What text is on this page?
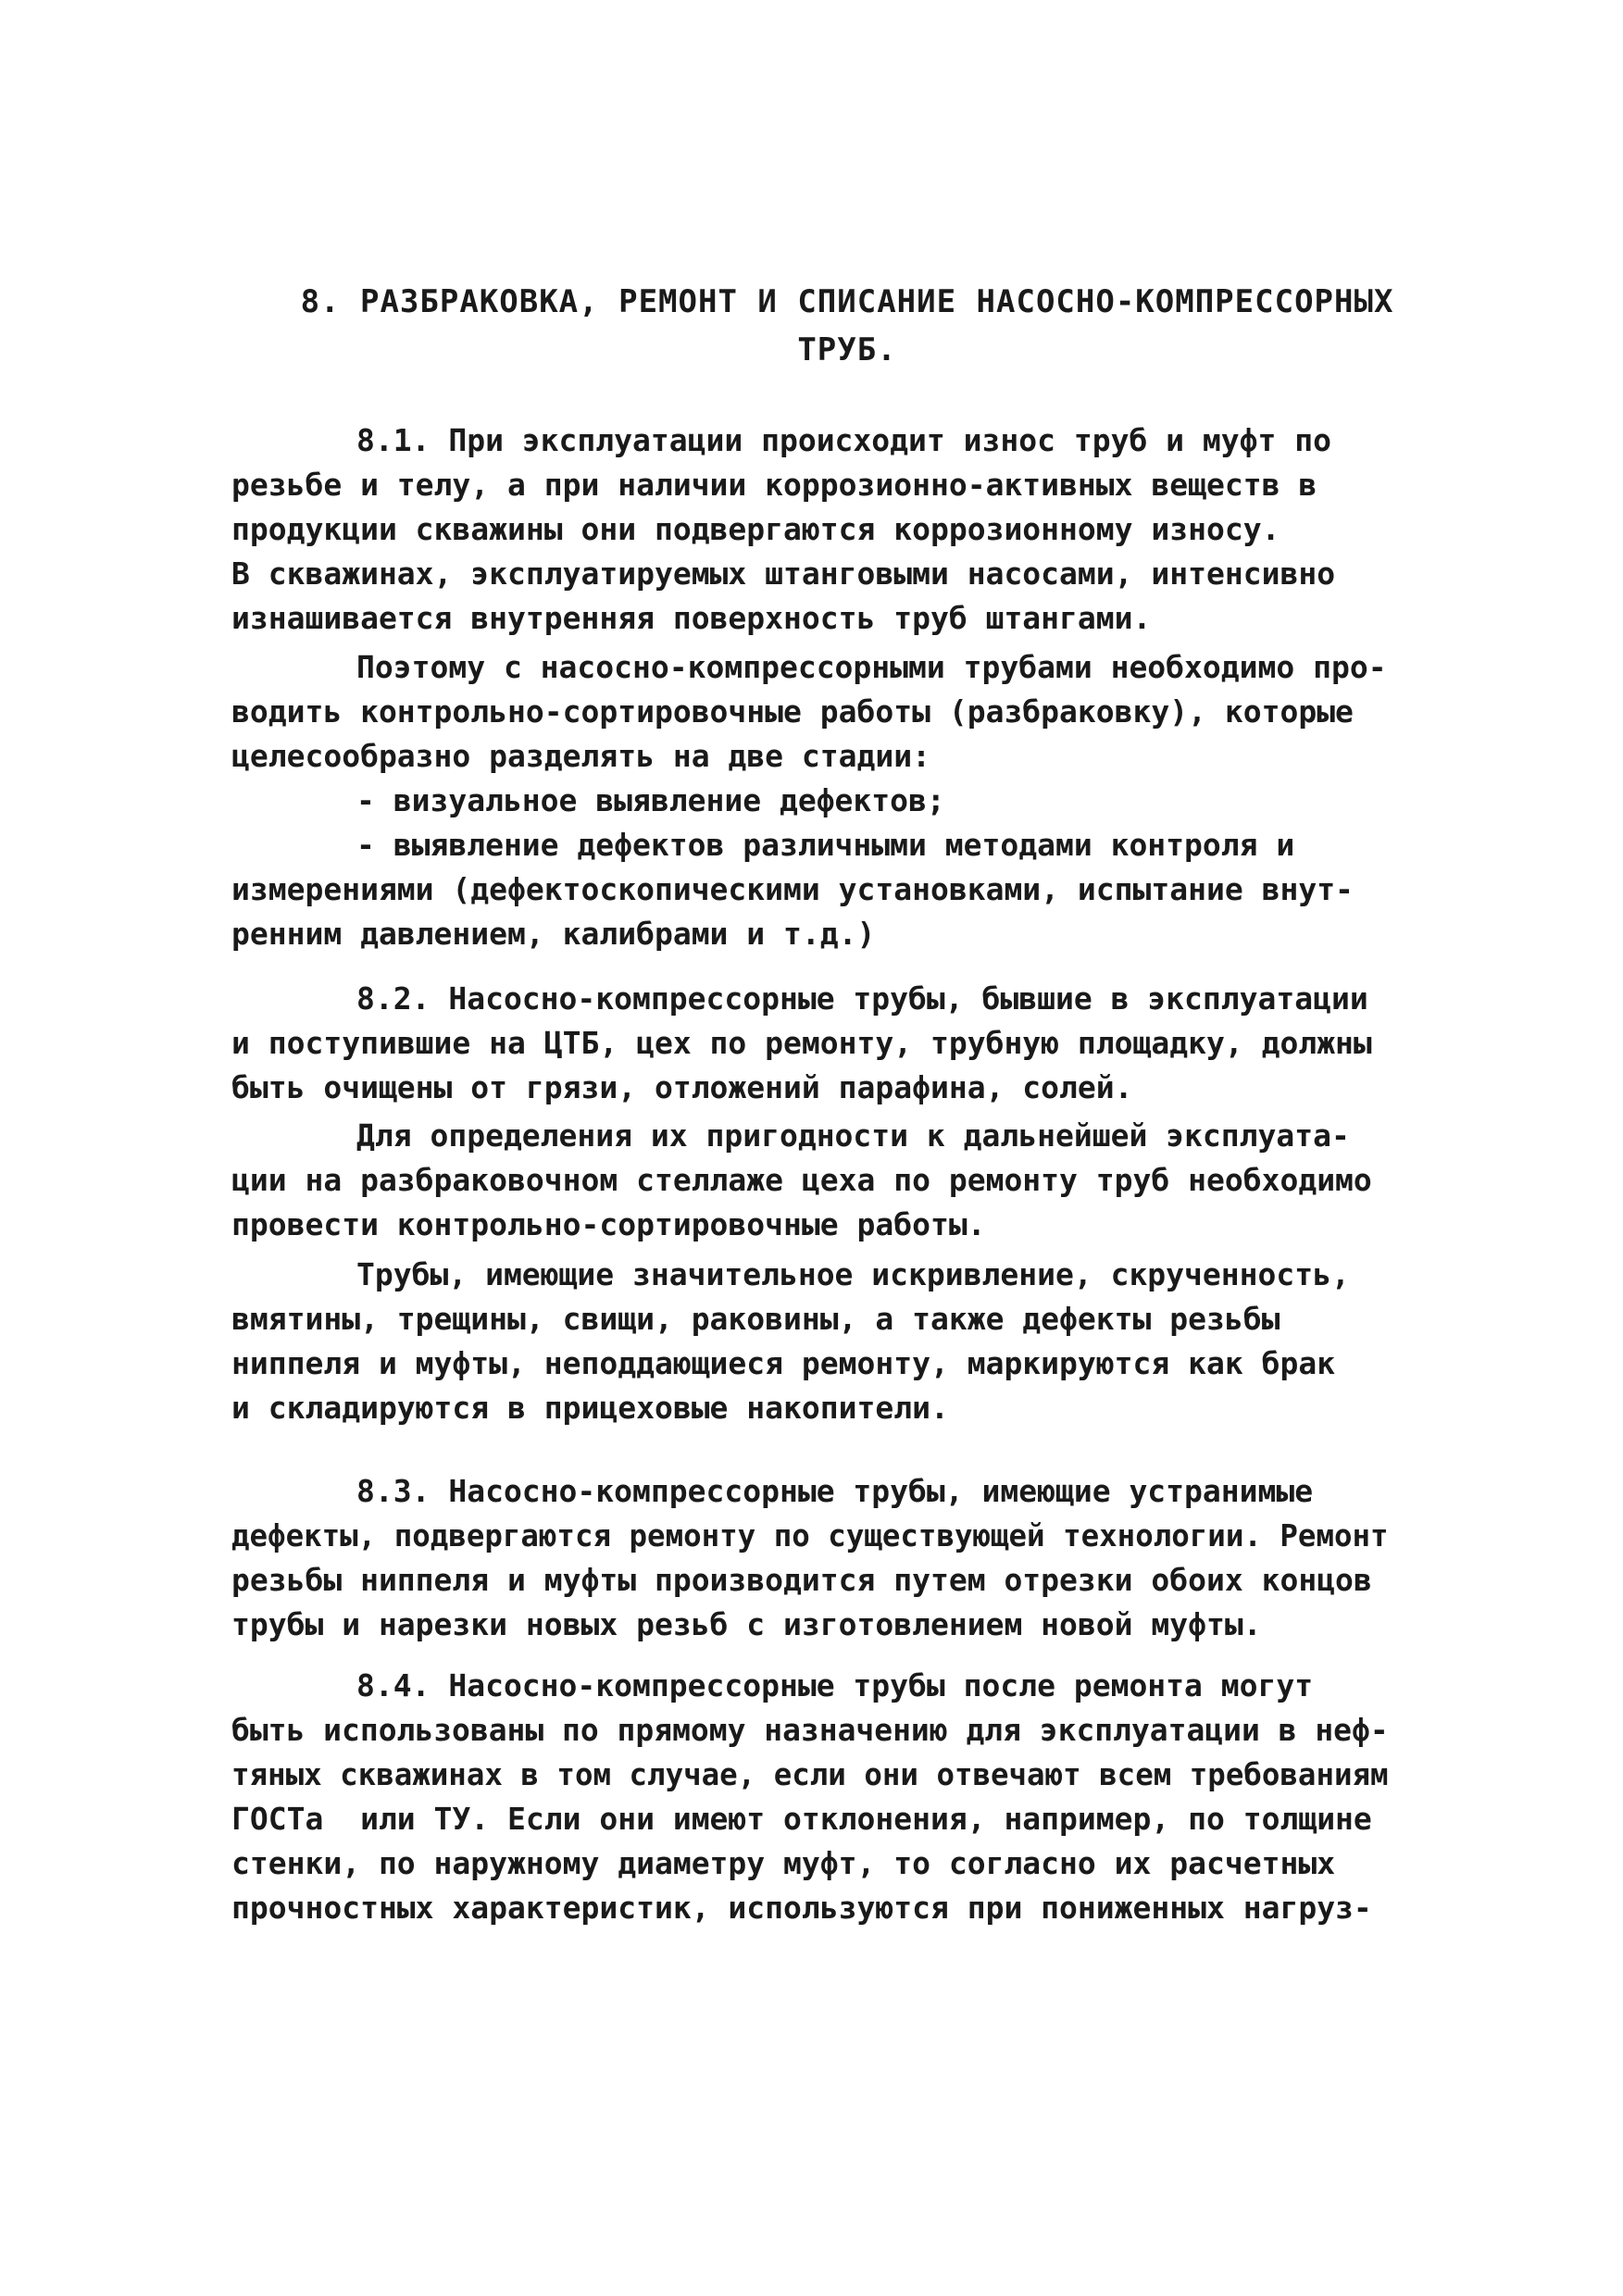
8. РАЗБРАКОВКА, РЕМОНТ И СПИСАНИЕ НАСОСНО-КОМПРЕССОРНЫХ
ТРУБ.
8.1. При эксплуатации происходит износ труб и муфт по
резьбе и телу, а при наличии коррозионно-активных веществ в
продукции скважины они подвергаются коррозионному износу.
В скважинах, эксплуатируемых штанговыми насосами, интенсивно
изнашивается внутренняя поверхность труб штангами.
Поэтому с насосно-компрессорными трубами необходимо про-
водить контрольно-сортировочные работы (разбраковку), которые
целесообразно разделять на две стадии:
- визуальное выявление дефектов;
- выявление дефектов различными методами контроля и
измерениями (дефектоскопическими установками, испытание внут-
ренним давлением, калибрами и т.д.)
8.2. Насосно-компрессорные трубы, бывшие в эксплуатации
и поступившие на ЦТБ, цех по ремонту, трубную площадку, должны
быть очищены от грязи, отложений парафина, солей.
Для определения их пригодности к дальнейшей эксплуата-
ции на разбраковочном стеллаже цеха по ремонту труб необходимо
провести контрольно-сортировочные работы.
Трубы, имеющие значительное искривление, скрученность,
вмятины, трещины, свищи, раковины, а также дефекты резьбы
ниппеля и муфты, неподдающиеся ремонту, маркируются как брак
и складируются в прицеховые накопители.
8.3. Насосно-компрессорные трубы, имеющие устранимые
дефекты, подвергаются ремонту по существующей технологии. Ремонт
резьбы ниппеля и муфты производится путем отрезки обоих концов
трубы и нарезки новых резьб с изготовлением новой муфты.
8.4. Насосно-компрессорные трубы после ремонта могут
быть использованы по прямому назначению для эксплуатации в неф-
тяных скважинах в том случае, если они отвечают всем требованиям
ГОСТа  или ТУ. Если они имеют отклонения, например, по толщине
стенки, по наружному диаметру муфт, то согласно их расчетных
прочностных характеристик, используются при пониженных нагруз-
